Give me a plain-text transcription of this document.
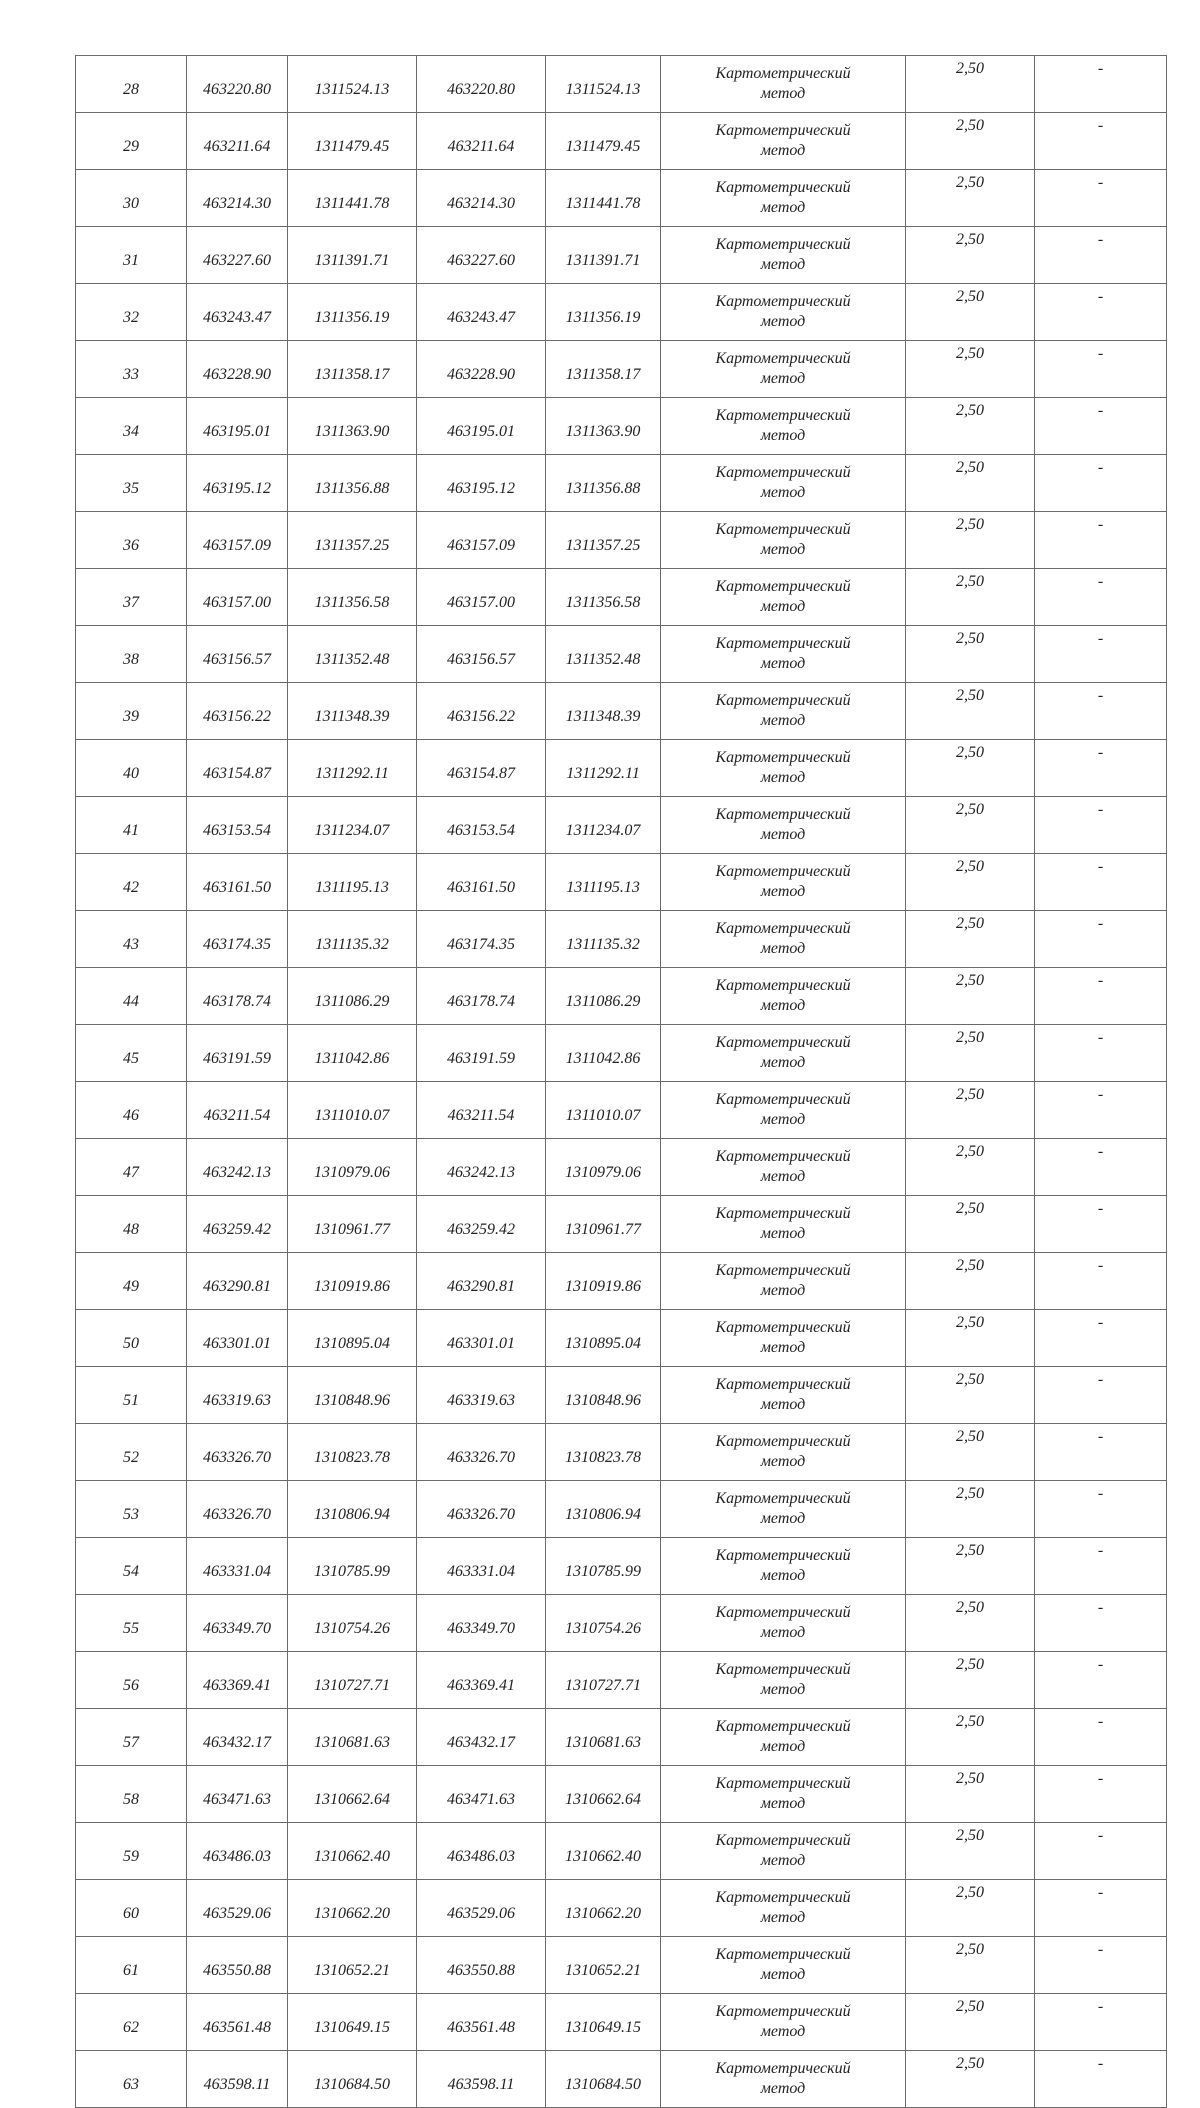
28	463220.80	1311524.13	463220.80	1311524.13	Картометрический
метод	2,50	-
29	463211.64	1311479.45	463211.64	1311479.45	Картометрический
метод	2,50	-
30	463214.30	1311441.78	463214.30	1311441.78	Картометрический
метод	2,50	-
31	463227.60	1311391.71	463227.60	1311391.71	Картометрический
метод	2,50	-
32	463243.47	1311356.19	463243.47	1311356.19	Картометрический
метод	2,50	-
33	463228.90	1311358.17	463228.90	1311358.17	Картометрический
метод	2,50	-
34	463195.01	1311363.90	463195.01	1311363.90	Картометрический
метод	2,50	-
35	463195.12	1311356.88	463195.12	1311356.88	Картометрический
метод	2,50	-
36	463157.09	1311357.25	463157.09	1311357.25	Картометрический
метод	2,50	-
37	463157.00	1311356.58	463157.00	1311356.58	Картометрический
метод	2,50	-
38	463156.57	1311352.48	463156.57	1311352.48	Картометрический
метод	2,50	-
39	463156.22	1311348.39	463156.22	1311348.39	Картометрический
метод	2,50	-
40	463154.87	1311292.11	463154.87	1311292.11	Картометрический
метод	2,50	-
41	463153.54	1311234.07	463153.54	1311234.07	Картометрический
метод	2,50	-
42	463161.50	1311195.13	463161.50	1311195.13	Картометрический
метод	2,50	-
43	463174.35	1311135.32	463174.35	1311135.32	Картометрический
метод	2,50	-
44	463178.74	1311086.29	463178.74	1311086.29	Картометрический
метод	2,50	-
45	463191.59	1311042.86	463191.59	1311042.86	Картометрический
метод	2,50	-
46	463211.54	1311010.07	463211.54	1311010.07	Картометрический
метод	2,50	-
47	463242.13	1310979.06	463242.13	1310979.06	Картометрический
метод	2,50	-
48	463259.42	1310961.77	463259.42	1310961.77	Картометрический
метод	2,50	-
49	463290.81	1310919.86	463290.81	1310919.86	Картометрический
метод	2,50	-
50	463301.01	1310895.04	463301.01	1310895.04	Картометрический
метод	2,50	-
51	463319.63	1310848.96	463319.63	1310848.96	Картометрический
метод	2,50	-
52	463326.70	1310823.78	463326.70	1310823.78	Картометрический
метод	2,50	-
53	463326.70	1310806.94	463326.70	1310806.94	Картометрический
метод	2,50	-
54	463331.04	1310785.99	463331.04	1310785.99	Картометрический
метод	2,50	-
55	463349.70	1310754.26	463349.70	1310754.26	Картометрический
метод	2,50	-
56	463369.41	1310727.71	463369.41	1310727.71	Картометрический
метод	2,50	-
57	463432.17	1310681.63	463432.17	1310681.63	Картометрический
метод	2,50	-
58	463471.63	1310662.64	463471.63	1310662.64	Картометрический
метод	2,50	-
59	463486.03	1310662.40	463486.03	1310662.40	Картометрический
метод	2,50	-
60	463529.06	1310662.20	463529.06	1310662.20	Картометрический
метод	2,50	-
61	463550.88	1310652.21	463550.88	1310652.21	Картометрический
метод	2,50	-
62	463561.48	1310649.15	463561.48	1310649.15	Картометрический
метод	2,50	-
63	463598.11	1310684.50	463598.11	1310684.50	Картометрический
метод	2,50	-
